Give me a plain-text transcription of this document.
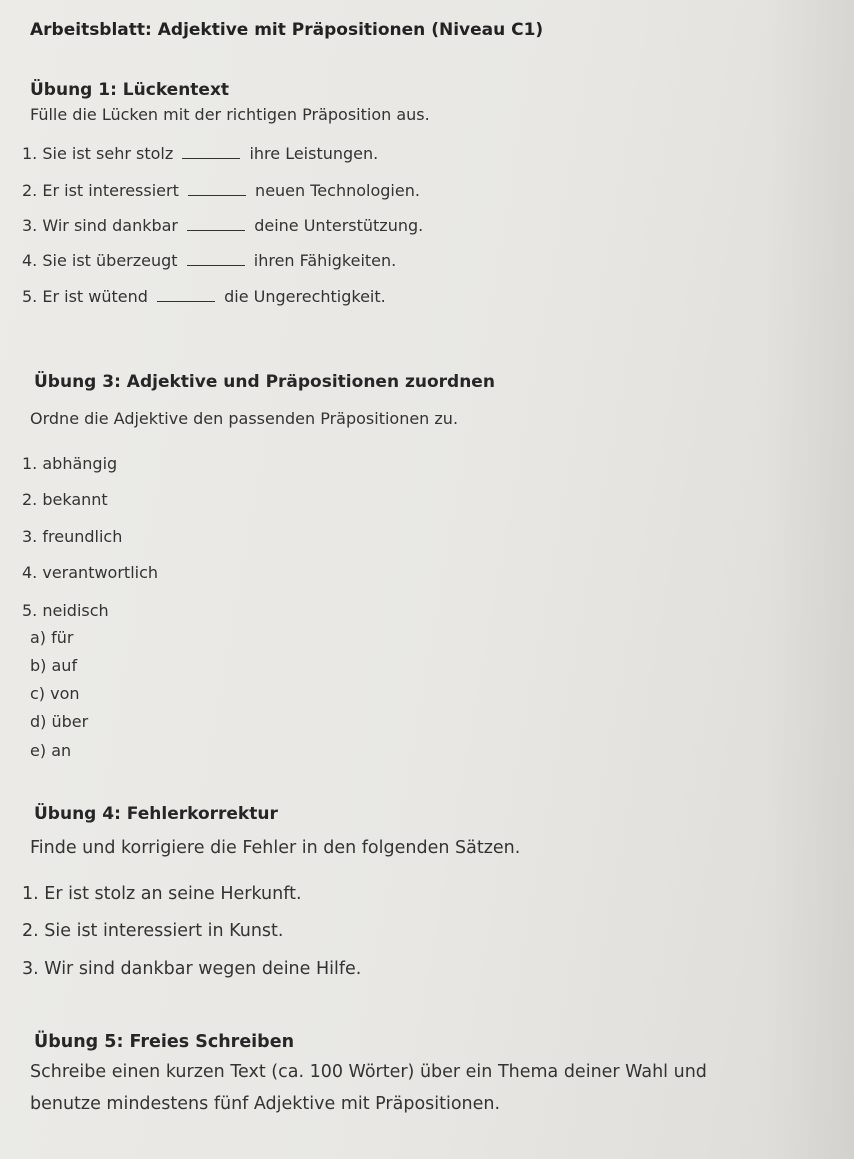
Arbeitsblatt: Adjektive mit Präpositionen (Niveau C1)
Übung 1: Lückentext
Fülle die Lücken mit der richtigen Präposition aus.
1. Sie ist sehr stolz	ihre Leistungen.
2. Er ist interessiert	neuen Technologien.
3. Wir sind dankbar	deine Unterstützung.
4. Sie ist überzeugt	ihren Fähigkeiten.
5. Er ist wütend	die Ungerechtigkeit.
Übung 3: Adjektive und Präpositionen zuordnen
Ordne die Adjektive den passenden Präpositionen zu.
1. abhängig
2. bekannt
3. freundlich
4. verantwortlich
5. neidisch
a) für
b) auf
c) von
d) über
e) an
Übung 4: Fehlerkorrektur
Finde und korrigiere die Fehler in den folgenden Sätzen.
1. Er ist stolz an seine Herkunft.
2. Sie ist interessiert in Kunst.
3. Wir sind dankbar wegen deine Hilfe.
Übung 5: Freies Schreiben
Schreibe einen kurzen Text (ca. 100 Wörter) über ein Thema deiner Wahl und
benutze mindestens fünf Adjektive mit Präpositionen.
